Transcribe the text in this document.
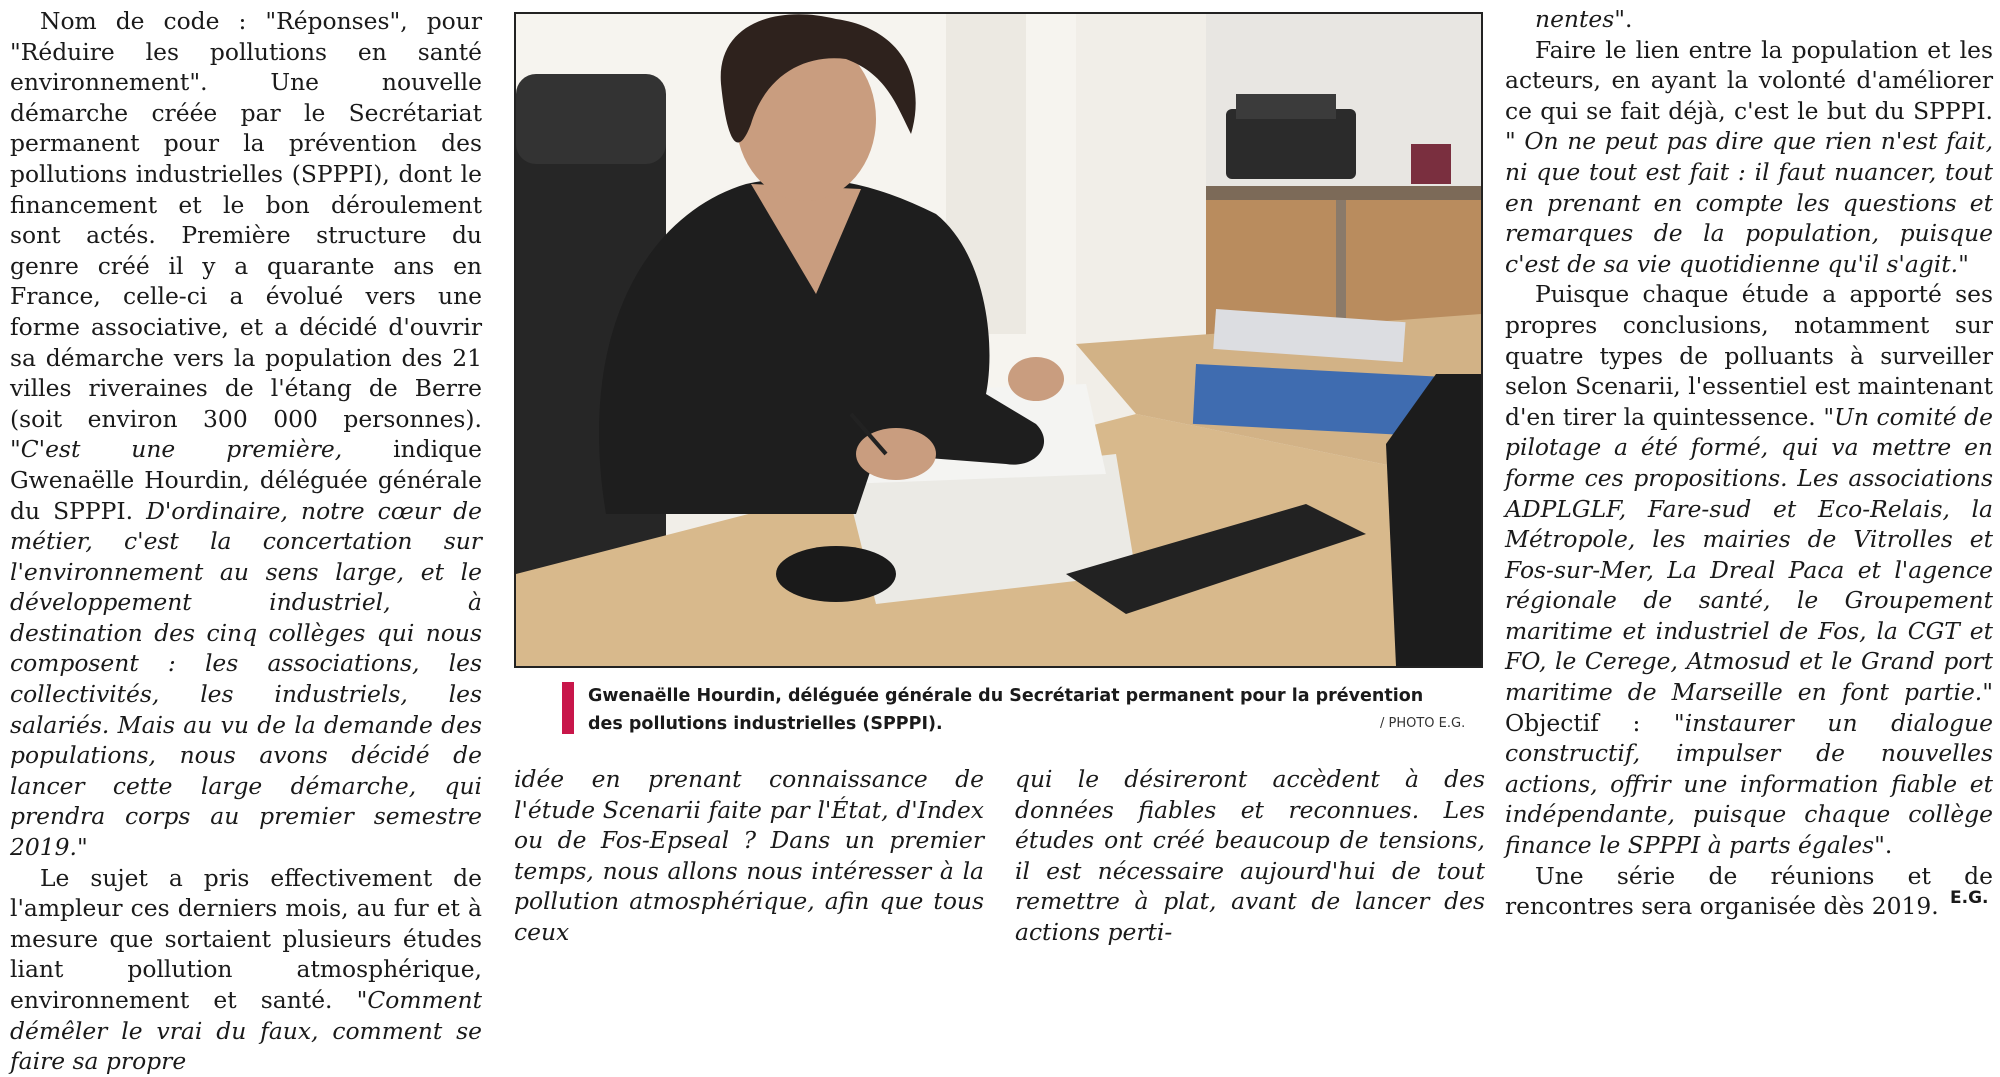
Nom de code : "Réponses", pour "Réduire les pollutions en santé environnement". Une nouvelle démarche créée par le Secrétariat permanent pour la prévention des pollutions industrielles (SPPPI), dont le financement et le bon déroulement sont actés. Première structure du genre créé il y a quarante ans en France, celle-ci a évolué vers une forme associative, et a décidé d'ouvrir sa démarche vers la population des 21 villes riveraines de l'étang de Berre (soit environ 300 000 personnes). "C'est une première, indique Gwenaëlle Hourdin, déléguée générale du SPPPI. D'ordinaire, notre cœur de métier, c'est la concertation sur l'environnement au sens large, et le développement industriel, à destination des cinq collèges qui nous composent : les associations, les collectivités, les industriels, les salariés. Mais au vu de la demande des populations, nous avons décidé de lancer cette large démarche, qui prendra corps au premier semestre 2019."

Le sujet a pris effectivement de l'ampleur ces derniers mois, au fur et à mesure que sortaient plusieurs études liant pollution atmosphérique, environnement et santé. "Comment démêler le vrai du faux, comment se faire sa propre

Gwenaëlle Hourdin, déléguée générale du Secrétariat permanent pour la prévention des pollutions industrielles (SPPPI).	/ PHOTO E.G.

idée en prenant connaissance de l'étude Scenarii faite par l'État, d'Index ou de Fos-Epseal ? Dans un premier temps, nous allons nous intéresser à la pollution atmosphérique, afin que tous ceux

qui le désireront accèdent à des données fiables et reconnues. Les études ont créé beaucoup de tensions, il est nécessaire aujourd'hui de tout remettre à plat, avant de lancer des actions perti-

nentes".

Faire le lien entre la population et les acteurs, en ayant la volonté d'améliorer ce qui se fait déjà, c'est le but du SPPPI. " On ne peut pas dire que rien n'est fait, ni que tout est fait : il faut nuancer, tout en prenant en compte les questions et remarques de la population, puisque c'est de sa vie quotidienne qu'il s'agit."

Puisque chaque étude a apporté ses propres conclusions, notamment sur quatre types de polluants à surveiller selon Scenarii, l'essentiel est maintenant d'en tirer la quintessence. "Un comité de pilotage a été formé, qui va mettre en forme ces propositions. Les associations ADPLGLF, Fare-sud et Eco-Relais, la Métropole, les mairies de Vitrolles et Fos-sur-Mer, La Dreal Paca et l'agence régionale de santé, le Groupement maritime et industriel de Fos, la CGT et FO, le Cerege, Atmosud et le Grand port maritime de Marseille en font partie." Objectif : "instaurer un dialogue constructif, impulser de nouvelles actions, offrir une information fiable et indépendante, puisque chaque collège finance le SPPPI à parts égales".

Une série de réunions et de rencontres sera organisée dès 2019. E.G.
